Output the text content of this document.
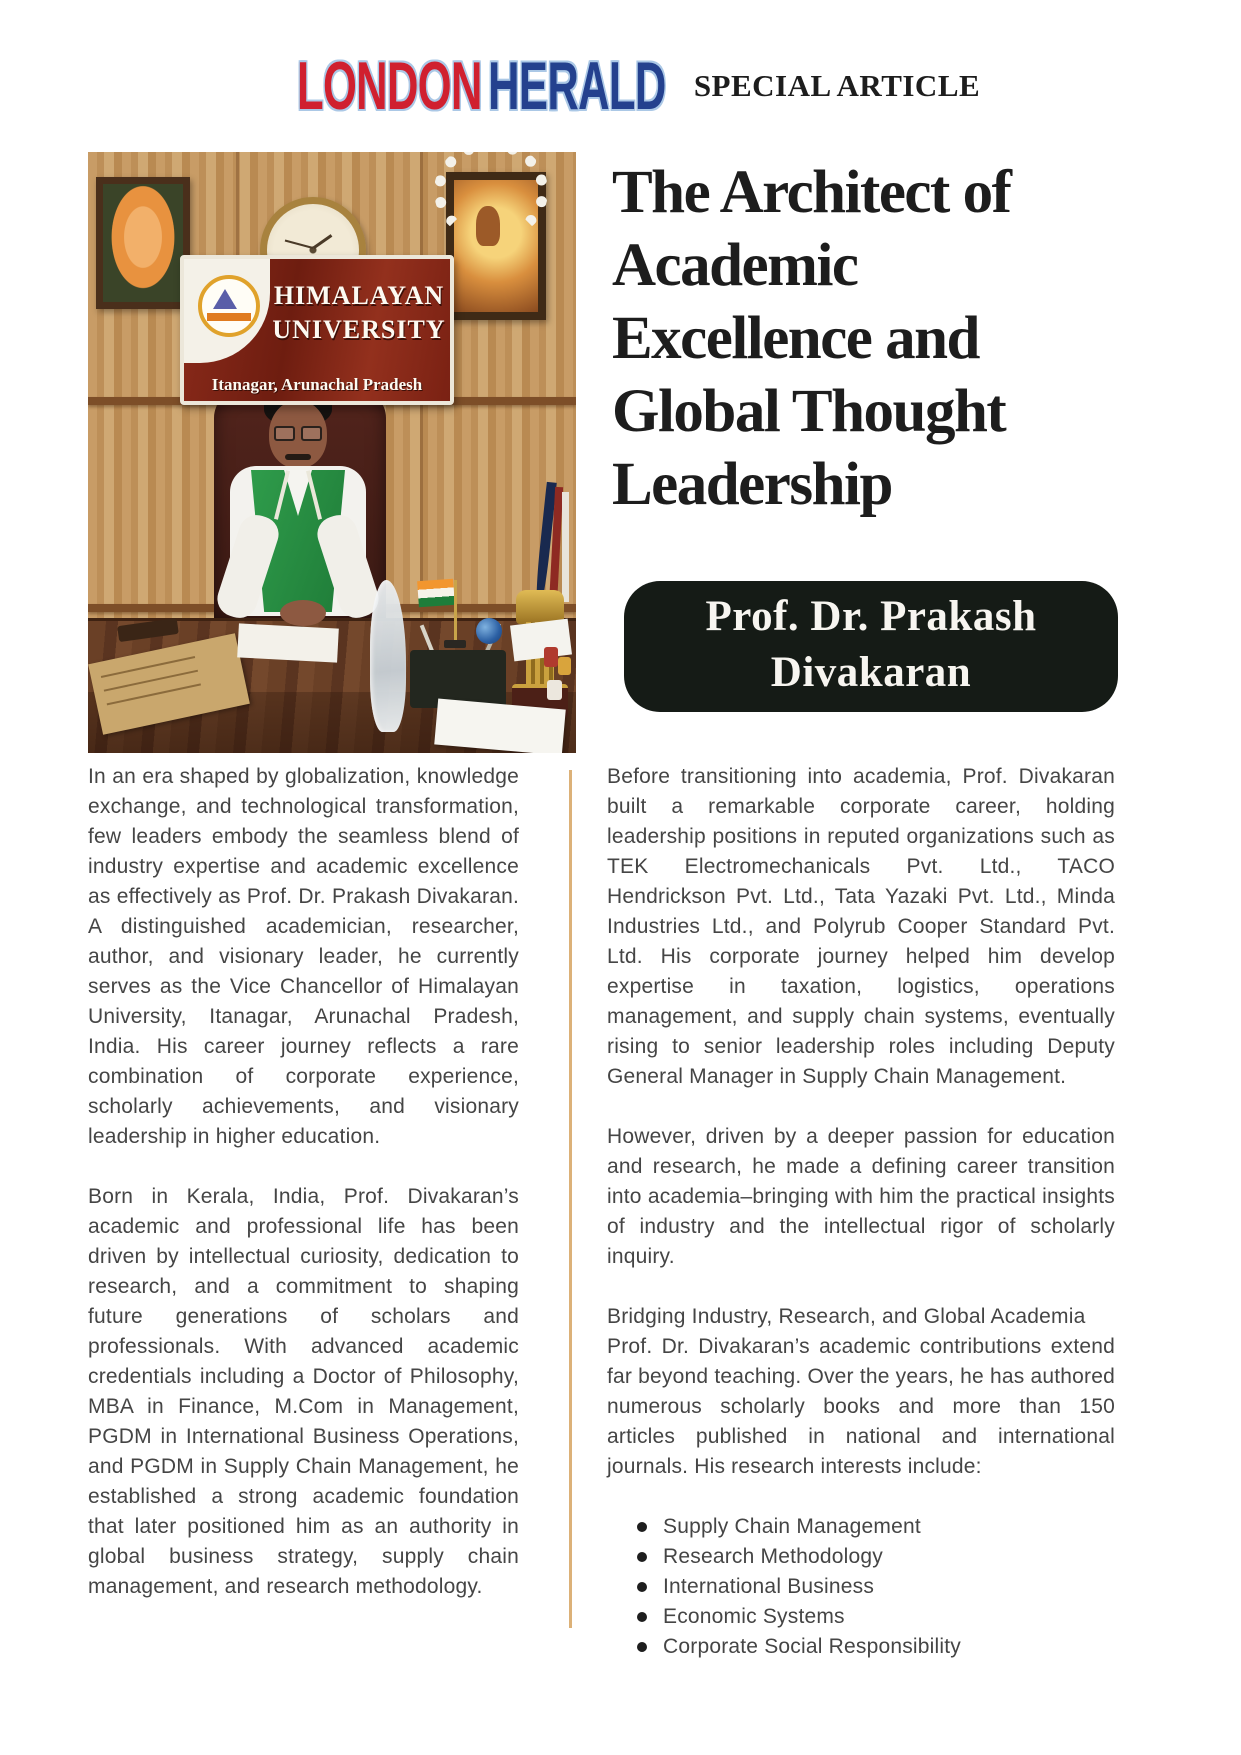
LONDONHERALD SPECIAL ARTICLE
HIMALAYAN
UNIVERSITY
Itanagar, Arunachal Pradesh
The Architect of
Academic
Excellence and
Global Thought
Leadership
Prof. Dr. Prakash
Divakaran

In an era shaped by globalization, knowledge exchange, and technological transformation, few leaders embody the seamless blend of industry expertise and academic excellence as effectively as Prof. Dr. Prakash Divakaran. A distinguished academician, researcher, author, and visionary leader, he currently serves as the Vice Chancellor of Himalayan University, Itanagar, Arunachal Pradesh, India. His career journey reflects a rare combination of corporate experience, scholarly achievements, and visionary leadership in higher education.

Born in Kerala, India, Prof. Divakaran’s academic and professional life has been driven by intellectual curiosity, dedication to research, and a commitment to shaping future generations of scholars and professionals. With advanced academic credentials including a Doctor of Philosophy, MBA in Finance, M.Com in Management, PGDM in International Business Operations, and PGDM in Supply Chain Management, he established a strong academic foundation that later positioned him as an authority in global business strategy, supply chain management, and research methodology.

Before transitioning into academia, Prof. Divakaran built a remarkable corporate career, holding leadership positions in reputed organizations such as TEK Electromechanicals Pvt. Ltd., TACO Hendrickson Pvt. Ltd., Tata Yazaki Pvt. Ltd., Minda Industries Ltd., and Polyrub Cooper Standard Pvt. Ltd. His corporate journey helped him develop expertise in taxation, logistics, operations management, and supply chain systems, eventually rising to senior leadership roles including Deputy General Manager in Supply Chain Management.

However, driven by a deeper passion for education and research, he made a defining career transition into academia–bringing with him the practical insights of industry and the intellectual rigor of scholarly inquiry.

Bridging Industry, Research, and Global Academia
Prof. Dr. Divakaran’s academic contributions extend far beyond teaching. Over the years, he has authored numerous scholarly books and more than 150 articles published in national and international journals. His research interests include:

Supply Chain Management
Research Methodology
International Business
Economic Systems
Corporate Social Responsibility
